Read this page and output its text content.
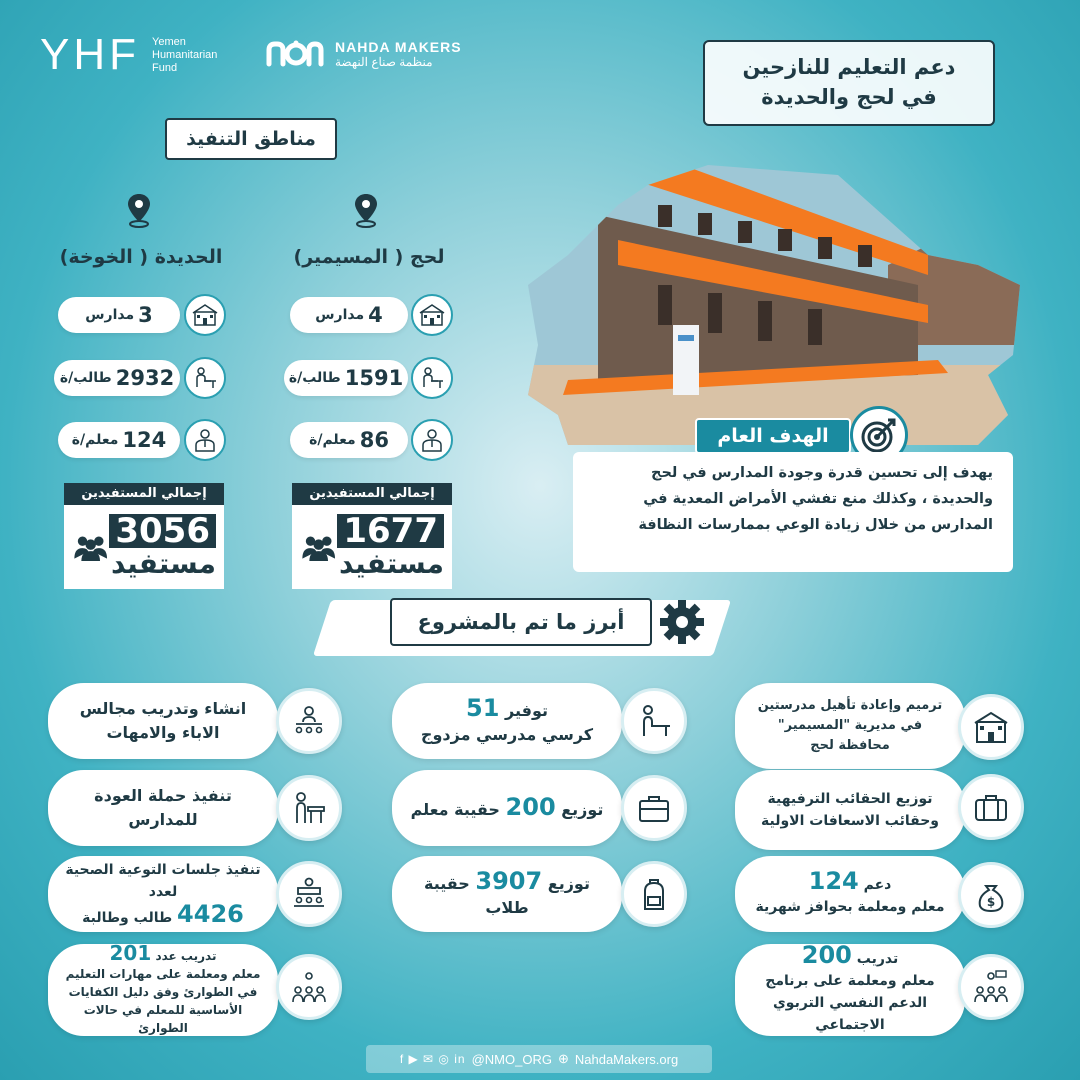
YHF Yemen
Humanitarian
Fund
NAHDA MAKERS
منظمة صناع النهضة	دعم التعليم للنازحين
في لحج والحديدة
مناطق التنفيذ
لحج ( المسيمير)
الحديدة ( الخوخة)
4
مدارس
1591
طالب/ة
86
معلم/ة
3
مدارس
2932
طالب/ة
124
معلم/ة
إجمالي المستفيدين
1677
مستفيد
إجمالي المستفيدين
3056
مستفيد
الهدف العام
يهدف إلى تحسين قدرة وجودة المدارس في لحج والحديدة ، وكذلك منع تفشي الأمراض المعدية في المدارس من خلال زيادة الوعي بممارسات النظافة
أبرز ما تم بالمشروع
ترميم وإعادة تأهيل مدرستين في مديرية "المسيمير" محافظة لحج
توزيع الحقائب الترفيهية وحقائب الاسعافات الاولية
دعم 124
معلم ومعلمة بحوافز شهرية	$
تدريب 200
معلم ومعلمة على برنامج الدعم النفسي التربوي الاجتماعي
توفير 51
كرسي مدرسي مزدوج
توزيع 200 حقيبة معلم
توزيع 3907 حقيبة طلاب
انشاء وتدريب مجالس الاباء والامهات
تنفيذ حملة العودة للمدارس
تنفيذ جلسات التوعية الصحية لعدد
4426 طالب وطالبة
تدريب عدد 201
معلم ومعلمة على مهارات التعليم في الطوارئ وفق دليل الكفايات الأساسية للمعلم في حالات الطوارئ
f ▶ ✉ ◎ in @NMO_ORG ⊕ NahdaMakers.org
